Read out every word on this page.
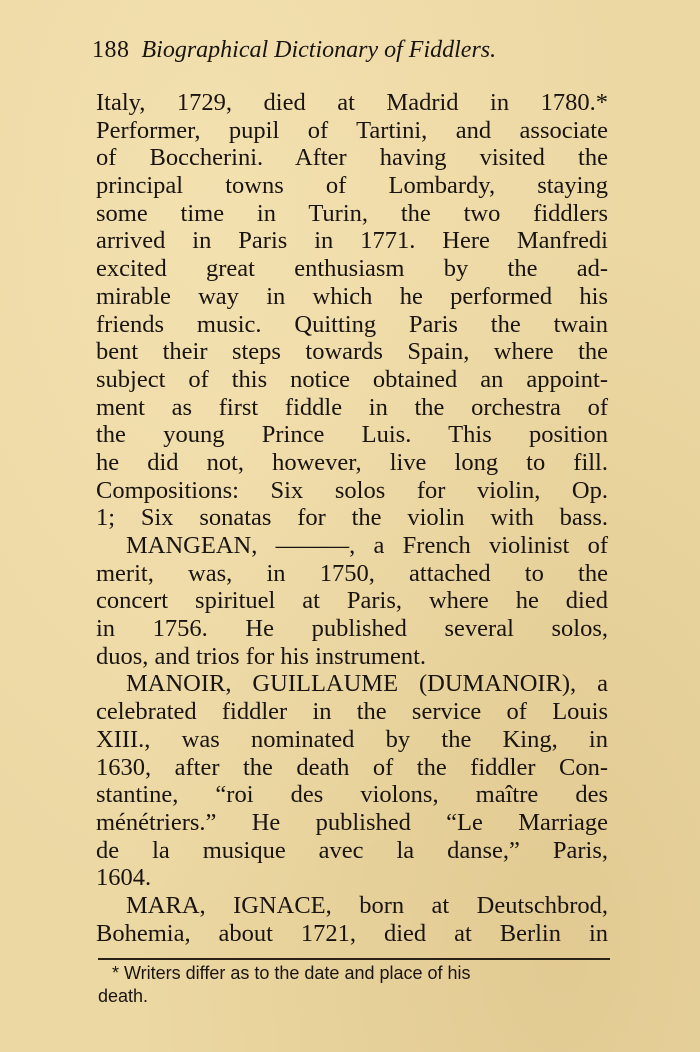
188 Biographical Dictionary of Fiddlers.
Italy, 1729, died at Madrid in 1780.*
Performer, pupil of Tartini, and associate
of Boccherini. After having visited the
principal towns of Lombardy, staying
some time in Turin, the two fiddlers
arrived in Paris in 1771. Here Manfredi
excited great enthusiasm by the ad-
mirable way in which he performed his
friends music. Quitting Paris the twain
bent their steps towards Spain, where the
subject of this notice obtained an appoint-
ment as first fiddle in the orchestra of
the young Prince Luis. This position
he did not, however, live long to fill.
Compositions: Six solos for violin, Op.
1; Six sonatas for the violin with bass.
MANGEAN, ———, a French violinist of
merit, was, in 1750, attached to the
concert spirituel at Paris, where he died
in 1756. He published several solos,
duos, and trios for his instrument.
MANOIR, GUILLAUME (DUMANOIR), a
celebrated fiddler in the service of Louis
XIII., was nominated by the King, in
1630, after the death of the fiddler Con-
stantine, “roi des violons, maître des
ménétriers.” He published “Le Marriage
de la musique avec la danse,” Paris,
1604.
MARA, IGNACE, born at Deutschbrod,
Bohemia, about 1721, died at Berlin in
* Writers differ as to the date and place of his
death.
